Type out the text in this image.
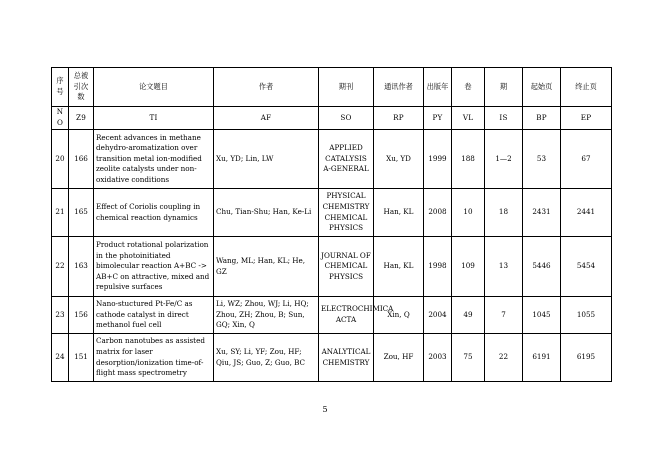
序号	总被引次数	论文题目	作者	期刊	通讯作者	出版年	卷	期	起始页	终止页
N O	Z9	TI	AF	SO	RP	PY	VL	IS	BP	EP
20	166	Recent advances in methane dehydro-aromatization over transition metal ion-modified zeolite catalysts under non-oxidative conditions	Xu, YD; Lin, LW	APPLIED CATALYSIS A-GENERAL	Xu, YD	1999	188	1—2	53	67
21	165	Effect of Coriolis coupling in chemical reaction dynamics	Chu, Tian-Shu; Han, Ke-Li	PHYSICAL CHEMISTRY CHEMICAL PHYSICS	Han, KL	2008	10	18	2431	2441
22	163	Product rotational polarization in the photoinitiated bimolecular reaction A+BC -> AB+C on attractive, mixed and repulsive surfaces	Wang, ML; Han, KL; He, GZ	JOURNAL OF CHEMICAL PHYSICS	Han, KL	1998	109	13	5446	5454
23	156	Nano-stuctured Pt-Fe/C as cathode catalyst in direct methanol fuel cell	Li, WZ; Zhou, WJ; Li, HQ; Zhou, ZH; Zhou, B; Sun, GQ; Xin, Q	ELECTROCHIMICA ACTA	Xin, Q	2004	49	7	1045	1055
24	151	Carbon nanotubes as assisted matrix for laser desorption/ionization time-of-flight mass spectrometry	Xu, SY; Li, YF; Zou, HF; Qiu, JS; Guo, Z; Guo, BC	ANALYTICAL CHEMISTRY	Zou, HF	2003	75	22	6191	6195
5
